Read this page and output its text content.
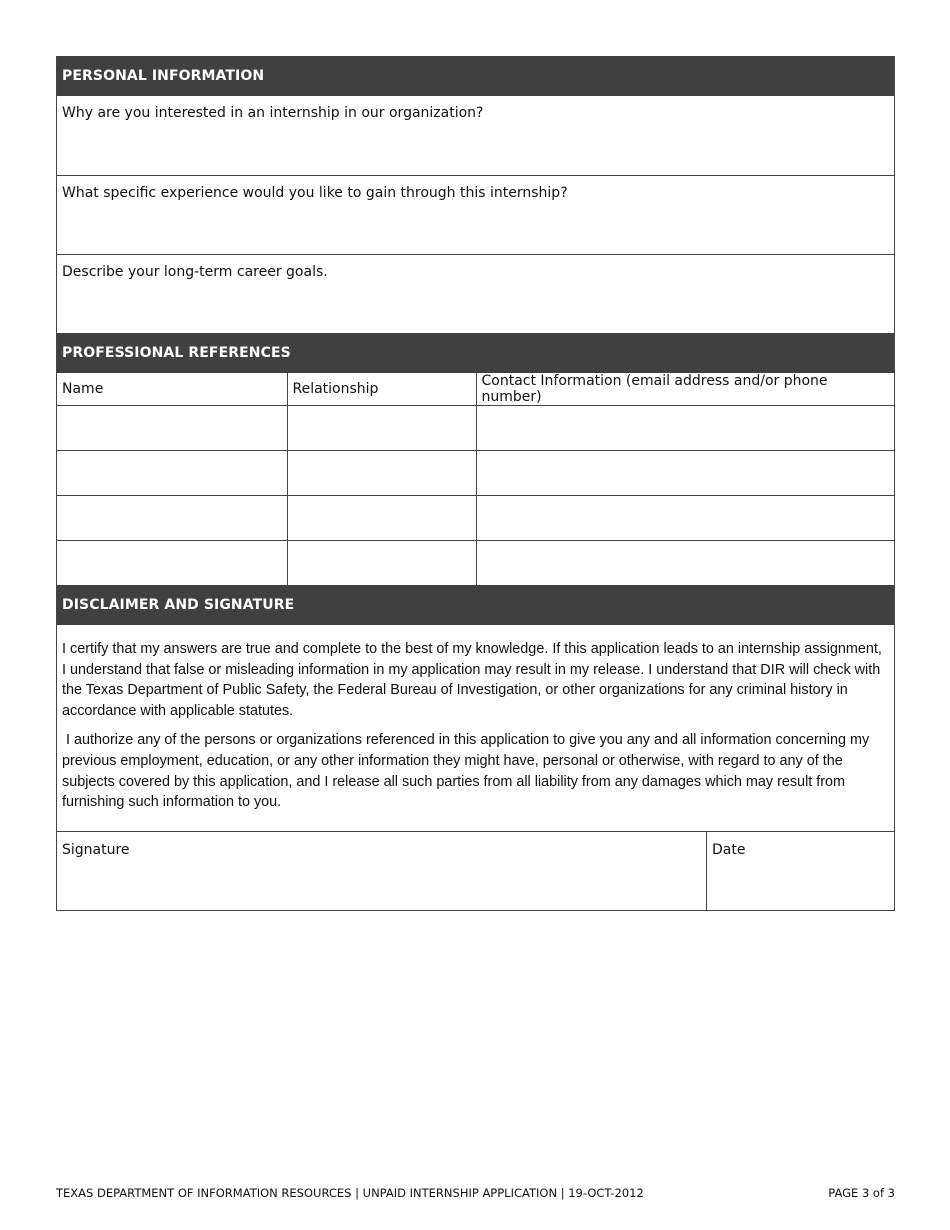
PERSONAL INFORMATION
Why are you interested in an internship in our organization?
What specific experience would you like to gain through this internship?
Describe your long-term career goals.
PROFESSIONAL REFERENCES
Name	Relationship	Contact Information (email address and/or phone number)

DISCLAIMER AND SIGNATURE

I certify that my answers are true and complete to the best of my knowledge. If this application leads to an internship assignment, I understand that false or misleading information in my application may result in my release. I understand that DIR will check with the Texas Department of Public Safety, the Federal Bureau of Investigation, or other organizations for any criminal history in accordance with applicable statutes.

I authorize any of the persons or organizations referenced in this application to give you any and all information concerning my previous employment, education, or any other information they might have, personal or otherwise, with regard to any of the subjects covered by this application, and I release all such parties from all liability from any damages which may result from furnishing such information to you.

Signature	Date
TEXAS DEPARTMENT OF INFORMATION RESOURCES | UNPAID INTERNSHIP APPLICATION | 19-OCT-2012	PAGE 3 of 3
